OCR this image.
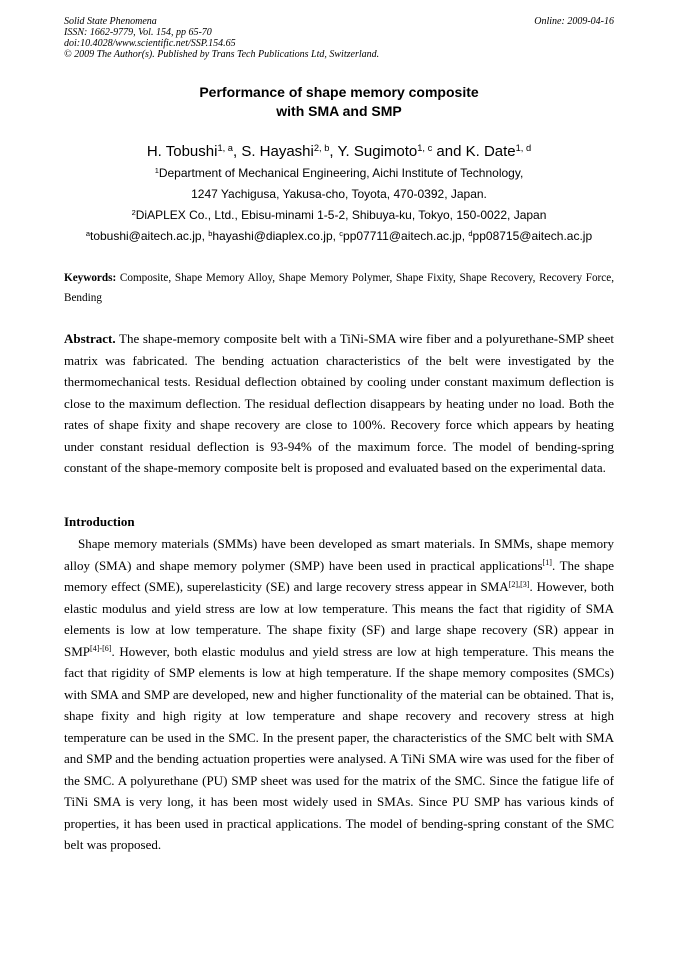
Solid State Phenomena
ISSN: 1662-9779, Vol. 154, pp 65-70
doi:10.4028/www.scientific.net/SSP.154.65
© 2009 The Author(s). Published by Trans Tech Publications Ltd, Switzerland.
Online: 2009-04-16
Performance of shape memory composite
with SMA and SMP
H. Tobushi$^{1, a}$, S. Hayashi$^{2, b}$, Y. Sugimoto$^{1, c}$ and K. Date$^{1, d}$
$^1$Department of Mechanical Engineering, Aichi Institute of Technology,
1247 Yachigusa, Yakusa-cho, Toyota, 470-0392, Japan.
$^2$DiAPLEX Co., Ltd., Ebisu-minami 1-5-2, Shibuya-ku, Tokyo, 150-0022, Japan
$^a$tobushi@aitech.ac.jp, $^b$hayashi@diaplex.co.jp, $^c$pp07711@aitech.ac.jp, $^d$pp08715@aitech.ac.jp
Keywords: Composite, Shape Memory Alloy, Shape Memory Polymer, Shape Fixity, Shape Recovery, Recovery Force, Bending
Abstract. The shape-memory composite belt with a TiNi-SMA wire fiber and a polyurethane-SMP sheet matrix was fabricated. The bending actuation characteristics of the belt were investigated by the thermomechanical tests. Residual deflection obtained by cooling under constant maximum deflection is close to the maximum deflection. The residual deflection disappears by heating under no load. Both the rates of shape fixity and shape recovery are close to 100%. Recovery force which appears by heating under constant residual deflection is 93-94% of the maximum force. The model of bending-spring constant of the shape-memory composite belt is proposed and evaluated based on the experimental data.
Introduction
Shape memory materials (SMMs) have been developed as smart materials. In SMMs, shape memory alloy (SMA) and shape memory polymer (SMP) have been used in practical applications[1]. The shape memory effect (SME), superelasticity (SE) and large recovery stress appear in SMA[2],[3]. However, both elastic modulus and yield stress are low at low temperature. This means the fact that rigidity of SMA elements is low at low temperature. The shape fixity (SF) and large shape recovery (SR) appear in SMP[4]-[6]. However, both elastic modulus and yield stress are low at high temperature. This means the fact that rigidity of SMP elements is low at high temperature. If the shape memory composites (SMCs) with SMA and SMP are developed, new and higher functionality of the material can be obtained. That is, shape fixity and high rigity at low temperature and shape recovery and recovery stress at high temperature can be used in the SMC. In the present paper, the characteristics of the SMC belt with SMA and SMP and the bending actuation properties were analysed. A TiNi SMA wire was used for the fiber of the SMC. A polyurethane (PU) SMP sheet was used for the matrix of the SMC. Since the fatigue life of TiNi SMA is very long, it has been most widely used in SMAs. Since PU SMP has various kinds of properties, it has been used in practical applications. The model of bending-spring constant of the SMC belt was proposed.
